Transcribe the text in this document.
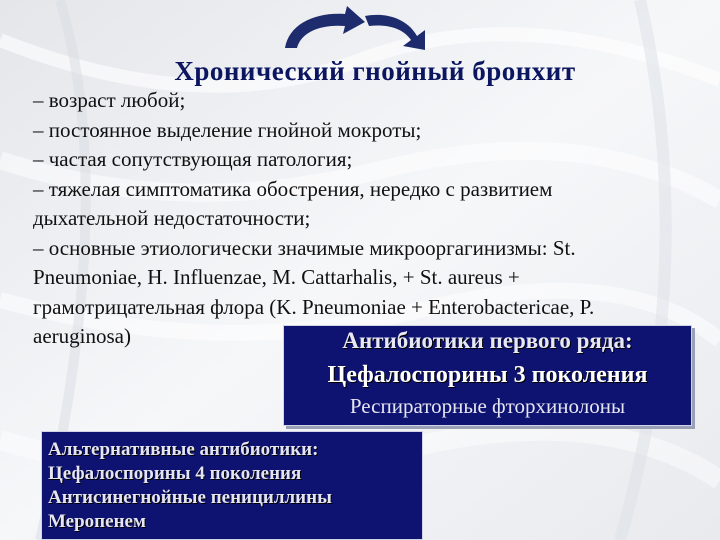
Хронический гнойный бронхит
– возраст любой;
– постоянное выделение гнойной мокроты;
– частая сопутствующая патология;
– тяжелая симптоматика обострения, нередко с развитием
дыхательной недостаточности;
– основные этиологически значимые микрооргагинизмы: St.
Pneumoniae, H. Influenzae, M. Cattarhalis, + St. aureus +
грамотрицательная флора (K. Pneumoniae + Enterobactericae, P.
aeruginosa)	Антибиотики первого ряда:
Цефалоспорины 3 поколения
Респираторные фторхинолоны
Альтернативные антибиотики:
Цефалоспорины 4 поколения
Антисинегнойные пенициллины
Меропенем
